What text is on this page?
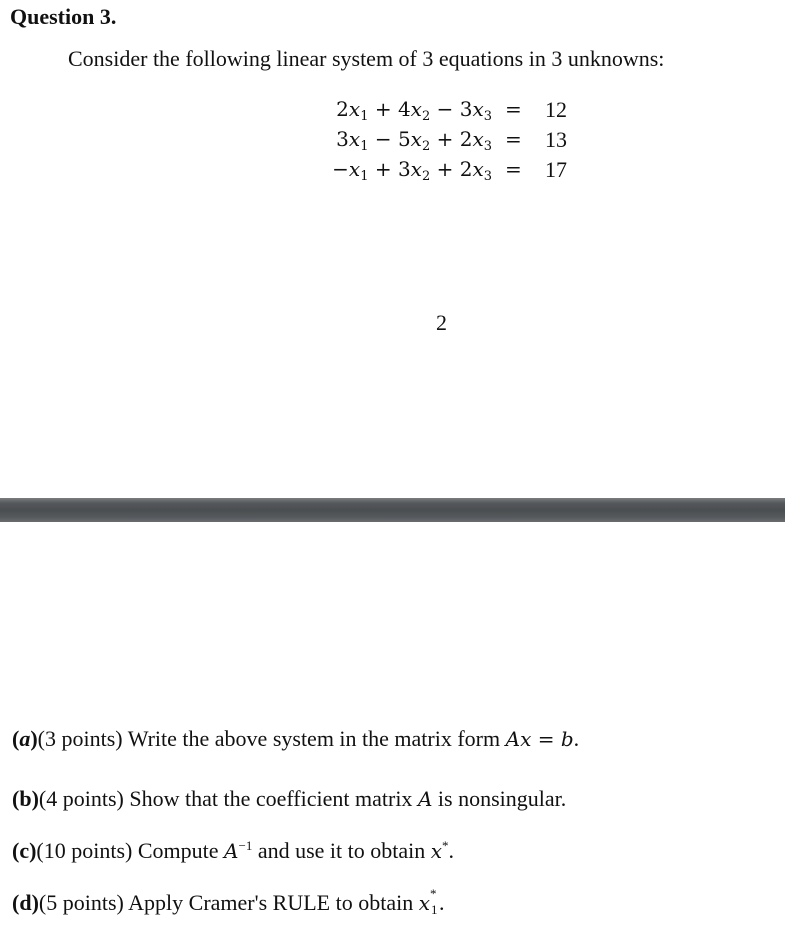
Question 3.
Consider the following linear system of 3 equations in 3 unknowns:
$2x_1 + 4x_2 - 3x_3 = 12$
$3x_1 - 5x_2 + 2x_3 = 13$
$-x_1 + 3x_2 + 2x_3 = 17$
2
(a)(3 points) Write the above system in the matrix form Ax = b.
(b)(4 points) Show that the coefficient matrix A is nonsingular.
(c)(10 points) Compute $A^{-1}$ and use it to obtain x*.
(d)(5 points) Apply Cramer's RULE to obtain x *
1 .
